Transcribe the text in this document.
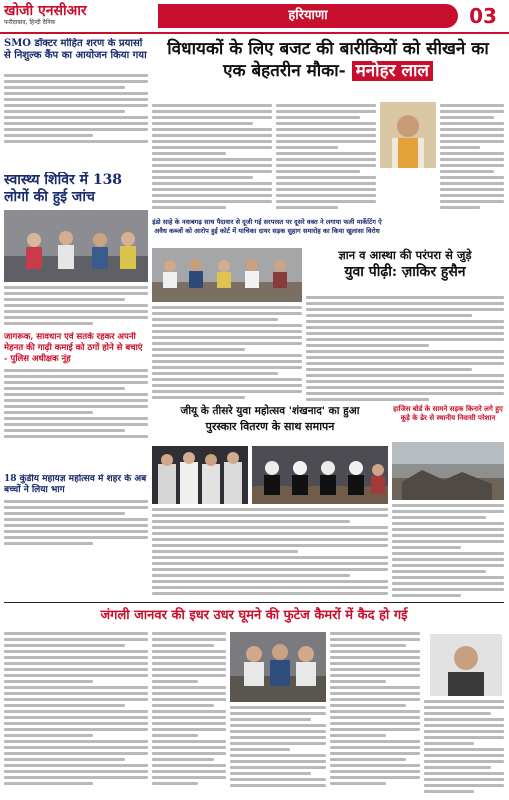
खोजी एनसीआर
फरीदाबाद, हिन्दी दैनिक	हरियाणा	03
SMO डॉक्टर मोहित शरण के प्रयासों से निशुल्क कैंप का आयोजन किया गया

स्वास्थ्य शिविर में 138 लोगों की हुई जांच
जागरूक, सावधान एवं सतर्क रहकर अपनी मेहनत की गाढ़ी कमाई को ठगों होने से बचाएं - पुलिस अधीक्षक नूंह
18 कुंडीय महायज्ञ महोत्सव में शहर के अब बच्चों ने लिया भाग
विधायकों के लिए बजट की बारीकियों को सीखने का
एक बेहतरीन मौका- मनोहर लाल
इंडो साहे के नवाबगढ़ साथ पैदावार से दूजी गई सरपरस्त पर दूसरे वक्त ने लगाया फली मार्केटिंग ऐ अवैध कब्जों को आरोप हुई कोर्ट में याचिका दायर सड़क सुहाग समारोह का किया खुलासा विरोध
ज्ञान व आस्था की परंपरा से जुड़े
युवा पीढ़ी: ज़ाकिर हुसैन
जीयू के तीसरे युवा महोत्सव 'शंखनाद' का हुआ
पुरस्कार वितरण के साथ समापन
हाजिस बोर्ड के सामने सड़क किनारे लगे हुए कूड़े के ढेर से स्थानीय निवासी परेशान
जंगली जानवर की इधर उधर घूमने की फुटेज कैमरों में कैद हो गई
